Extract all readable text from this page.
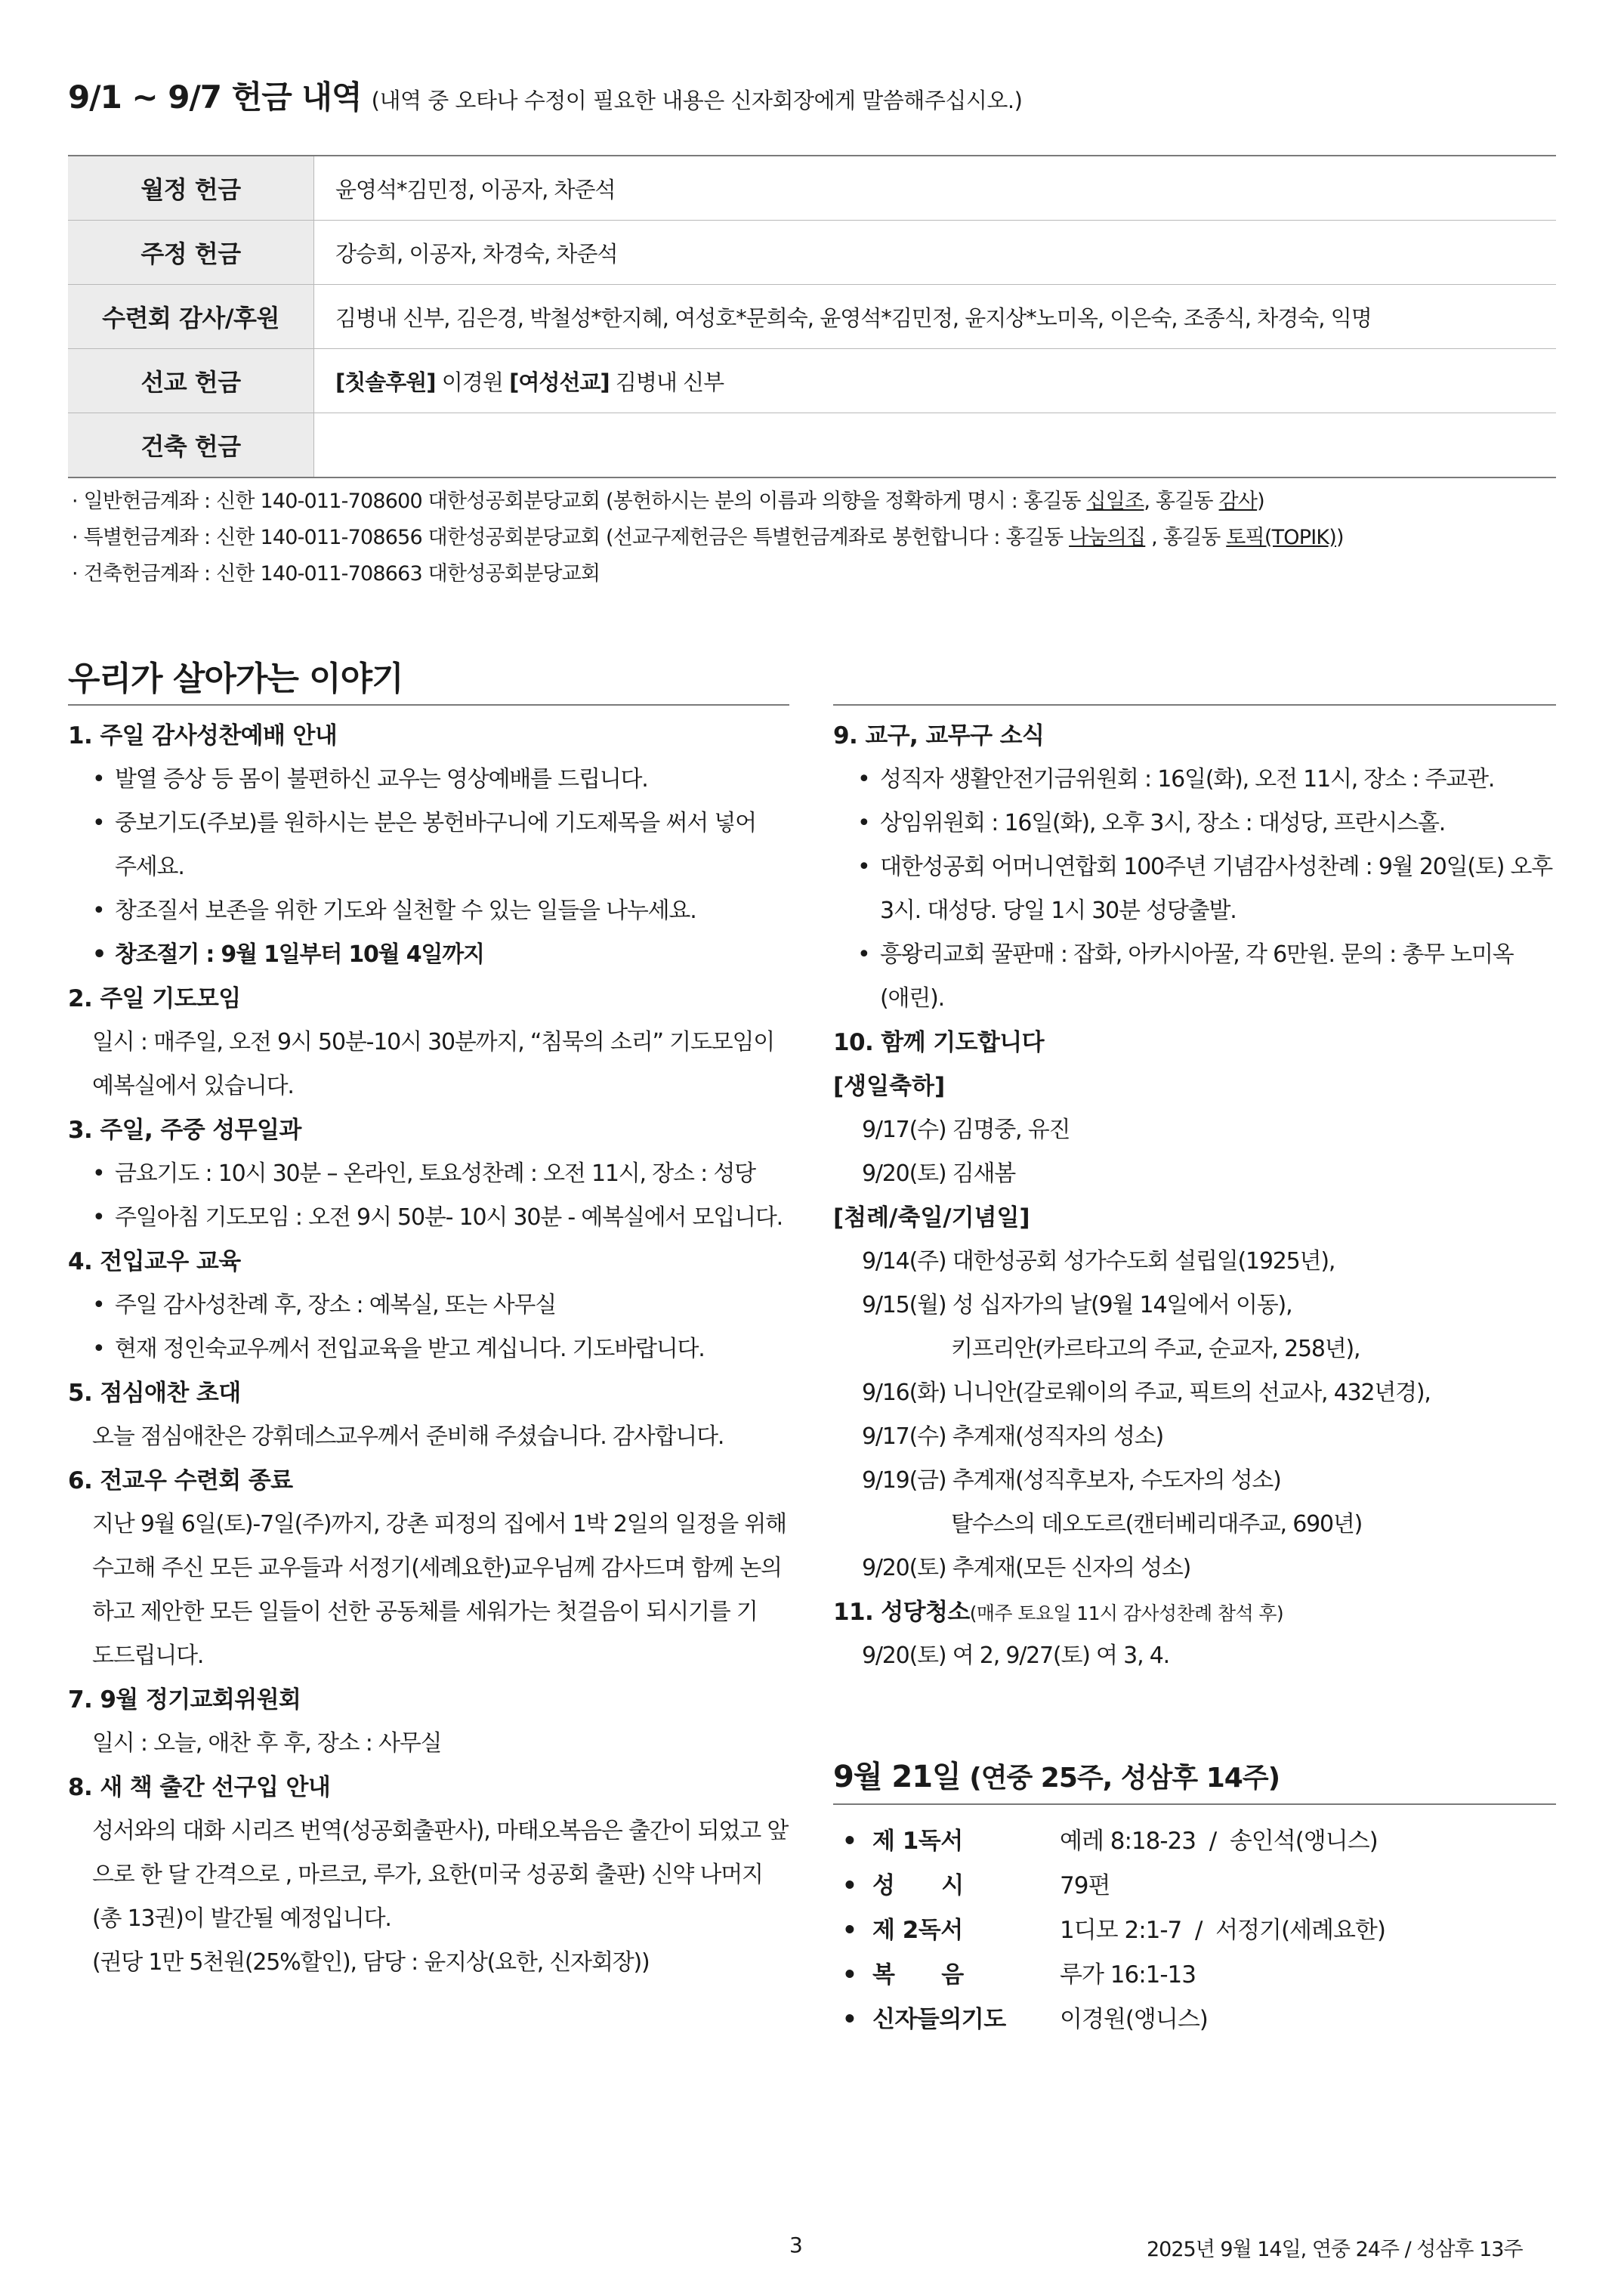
9/1 ~ 9/7 헌금 내역 (내역 중 오타나 수정이 필요한 내용은 신자회장에게 말씀해주십시오.)
월정 헌금	윤영석*김민정, 이공자, 차준석
주정 헌금	강승희, 이공자, 차경숙, 차준석
수련회 감사/후원	김병내 신부, 김은경, 박철성*한지혜, 여성호*문희숙, 윤영석*김민정, 윤지상*노미옥, 이은숙, 조종식, 차경숙, 익명
선교 헌금	[칫솔후원] 이경원 [여성선교] 김병내 신부
건축 헌금
· 일반헌금계좌 : 신한 140-011-708600 대한성공회분당교회 (봉헌하시는 분의 이름과 의향을 정확하게 명시 : 홍길동 십일조, 홍길동 감사)
· 특별헌금계좌 : 신한 140-011-708656 대한성공회분당교회 (선교구제헌금은 특별헌금계좌로 봉헌합니다 : 홍길동 나눔의집 , 홍길동 토픽(TOPIK))
· 건축헌금계좌 : 신한 140-011-708663 대한성공회분당교회
우리가 살아가는 이야기
1. 주일 감사성찬예배 안내
• 발열 증상 등 몸이 불편하신 교우는 영상예배를 드립니다.
• 중보기도(주보)를 원하시는 분은 봉헌바구니에 기도제목을 써서 넣어
주세요.
• 창조질서 보존을 위한 기도와 실천할 수 있는 일들을 나누세요.
• 창조절기 : 9월 1일부터 10월 4일까지
2. 주일 기도모임
일시 : 매주일, 오전 9시 50분-10시 30분까지, “침묵의 소리” 기도모임이
예복실에서 있습니다.
3. 주일, 주중 성무일과
• 금요기도 : 10시 30분 – 온라인, 토요성찬례 : 오전 11시, 장소 : 성당
• 주일아침 기도모임 : 오전 9시 50분- 10시 30분 - 예복실에서 모입니다.
4. 전입교우 교육
• 주일 감사성찬례 후, 장소 : 예복실, 또는 사무실
• 현재 정인숙교우께서 전입교육을 받고 계십니다. 기도바랍니다.
5. 점심애찬 초대
오늘 점심애찬은 강휘데스교우께서 준비해 주셨습니다. 감사합니다.
6. 전교우 수련회 종료
지난 9월 6일(토)-7일(주)까지, 강촌 피정의 집에서 1박 2일의 일정을 위해
수고해 주신 모든 교우들과 서정기(세례요한)교우님께 감사드며 함께 논의
하고 제안한 모든 일들이 선한 공동체를 세워가는 첫걸음이 되시기를 기
도드립니다.
7. 9월 정기교회위원회
일시 : 오늘, 애찬 후 후, 장소 : 사무실
8. 새 책 출간 선구입 안내
성서와의 대화 시리즈 번역(성공회출판사), 마태오복음은 출간이 되었고 앞
으로 한 달 간격으로 , 마르코, 루가, 요한(미국 성공회 출판) 신약 나머지
(총 13권)이 발간될 예정입니다.
(권당 1만 5천원(25%할인), 담당 : 윤지상(요한, 신자회장))
9. 교구, 교무구 소식
• 성직자 생활안전기금위원회 : 16일(화), 오전 11시, 장소 : 주교관.
• 상임위원회 : 16일(화), 오후 3시, 장소 : 대성당, 프란시스홀.
• 대한성공회 어머니연합회 100주년 기념감사성찬례 : 9월 20일(토) 오후
3시. 대성당. 당일 1시 30분 성당출발.
• 흥왕리교회 꿀판매 : 잡화, 아카시아꿀, 각 6만원. 문의 : 총무 노미옥
(애린).
10. 함께 기도합니다
[생일축하]
9/17(수) 김명중, 유진
9/20(토) 김새봄
[첨례/축일/기념일]
9/14(주) 대한성공회 성가수도회 설립일(1925년),
9/15(월) 성 십자가의 날(9월 14일에서 이동),
키프리안(카르타고의 주교, 순교자, 258년),
9/16(화) 니니안(갈로웨이의 주교, 픽트의 선교사, 432년경),
9/17(수) 추계재(성직자의 성소)
9/19(금) 추계재(성직후보자, 수도자의 성소)
탈수스의 데오도르(캔터베리대주교, 690년)
9/20(토) 추계재(모든 신자의 성소)
11. 성당청소(매주 토요일 11시 감사성찬례 참석 후)
9/20(토) 여 2, 9/27(토) 여 3, 4.
9월 21일 (연중 25주, 성삼후 14주)
• 제 1독서	예레 8:18-23  /  송인석(앵니스)
• 성      시	79편
• 제 2독서	1디모 2:1-7  /  서정기(세례요한)
• 복      음	루가 16:1-13
• 신자들의기도	이경원(앵니스)
3	2025년 9월 14일, 연중 24주 / 성삼후 13주
